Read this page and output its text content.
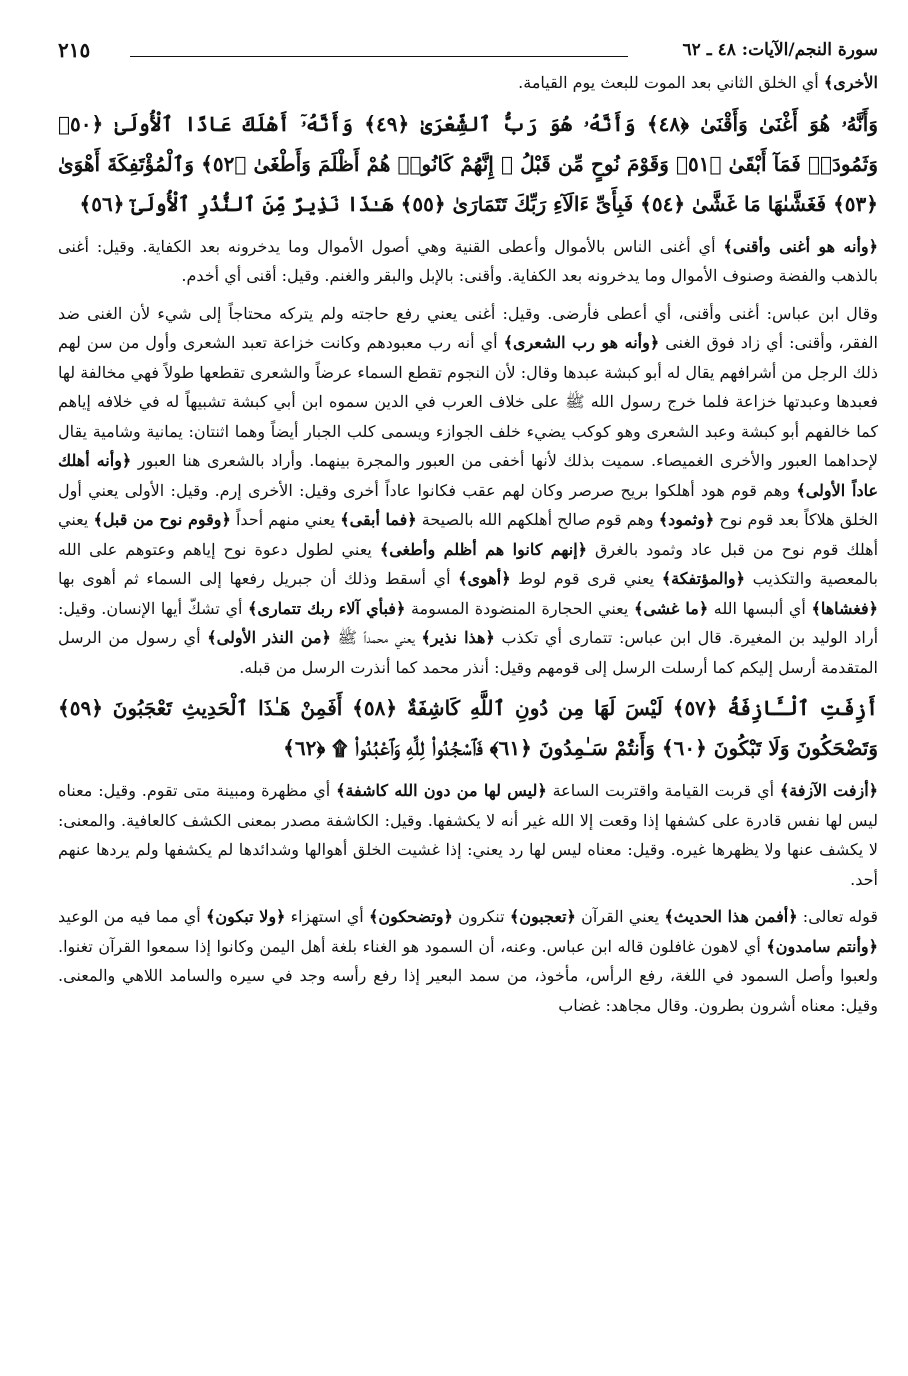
سورة النجم/الآيات: ٤٨ ـ ٦٢
٢١٥

الأخرى﴾ أي الخلق الثاني بعد الموت للبعث يوم القيامة.

وَأَنَّهُۥ هُوَ أَغْنَىٰ وَأَقْنَىٰ ﴿٤٨﴾ وَأَنَّهُۥ هُوَ رَبُّ ٱلشِّعْرَىٰ ﴿٤٩﴾ وَأَنَّهُۥٓ أَهْلَكَ عَادًا ٱلْأُولَىٰ ﴿٥٠﴾ وَثَمُودَا۟ فَمَآ أَبْقَىٰ ﴿٥١﴾ وَقَوْمَ نُوحٍ مِّن قَبْلُ ۖ إِنَّهُمْ كَانُوا۟ هُمْ أَظْلَمَ وَأَطْغَىٰ ﴿٥٢﴾ وَٱلْمُؤْتَفِكَةَ أَهْوَىٰ ﴿٥٣﴾ فَغَشَّىٰهَا مَا غَشَّىٰ ﴿٥٤﴾ فَبِأَىِّ ءَالَآءِ رَبِّكَ تَتَمَارَىٰ ﴿٥٥﴾ هَـٰذَا نَذِيرٌ مِّنَ ٱلنُّذُرِ ٱلْأُولَىٰٓ ﴿٥٦﴾

﴿وأنه هو أغنى وأقنى﴾ أي أغنى الناس بالأموال وأعطى القنية وهي أصول الأموال وما يدخرونه بعد الكفاية. وقيل: أغنى بالذهب والفضة وصنوف الأموال وما يدخرونه بعد الكفاية. وأقنى: بالإبل والبقر والغنم. وقيل: أقنى أي أخدم.

وقال ابن عباس: أغنى وأقنى، أي أعطى فأرضى. وقيل: أغنى يعني رفع حاجته ولم يتركه محتاجاً إلى شيء لأن الغنى ضد الفقر، وأقنى: أي زاد فوق الغنى ﴿وأنه هو رب الشعرى﴾ أي أنه رب معبودهم وكانت خزاعة تعبد الشعرى وأول من سن لهم ذلك الرجل من أشرافهم يقال له أبو كبشة عبدها وقال: لأن النجوم تقطع السماء عرضاً والشعرى تقطعها طولاً فهي مخالفة لها فعبدها وعبدتها خزاعة فلما خرج رسول الله ﷺ على خلاف العرب في الدين سموه ابن أبي كبشة تشبيهاً له في خلافه إياهم كما خالفهم أبو كبشة وعبد الشعرى وهو كوكب يضيء خلف الجوازء ويسمى كلب الجبار أيضاً وهما اثنتان: يمانية وشامية يقال لإحداهما العبور والأخرى الغميصاء. سميت بذلك لأنها أخفى من العبور والمجرة بينهما. وأراد بالشعرى هنا العبور ﴿وأنه أهلك عاداً الأولى﴾ وهم قوم هود أهلكوا بريح صرصر وكان لهم عقب فكانوا عاداً أخرى وقيل: الأخرى إرم. وقيل: الأولى يعني أول الخلق هلاكاً بعد قوم نوح ﴿وثمود﴾ وهم قوم صالح أهلكهم الله بالصيحة ﴿فما أبقى﴾ يعني منهم أحداً ﴿وقوم نوح من قبل﴾ يعني أهلك قوم نوح من قبل عاد وثمود بالغرق ﴿إنهم كانوا هم أظلم وأطغى﴾ يعني لطول دعوة نوح إياهم وعتوهم على الله بالمعصية والتكذيب ﴿والمؤتفكة﴾ يعني قرى قوم لوط ﴿أهوى﴾ أي أسقط وذلك أن جبريل رفعها إلى السماء ثم أهوى بها ﴿فغشاها﴾ أي ألبسها الله ﴿ما غشى﴾ يعني الحجارة المنضودة المسومة ﴿فبأي آلاء ربك تتمارى﴾ أي تشكّ أيها الإنسان. وقيل: أراد الوليد بن المغيرة. قال ابن عباس: تتمارى أي تكذب ﴿هذا نذير﴾ يعني محمداً ﷺ ﴿من النذر الأولى﴾ أي رسول من الرسل المتقدمة أرسل إليكم كما أرسلت الرسل إلى قومهم وقيل: أنذر محمد كما أنذرت الرسل من قبله.

أَزِفَتِ ٱلْـَٔازِفَةُ ﴿٥٧﴾ لَيْسَ لَهَا مِن دُونِ ٱللَّهِ كَاشِفَةٌ ﴿٥٨﴾ أَفَمِنْ هَـٰذَا ٱلْحَدِيثِ تَعْجَبُونَ ﴿٥٩﴾ وَتَضْحَكُونَ وَلَا تَبْكُونَ ﴿٦٠﴾ وَأَنتُمْ سَـٰمِدُونَ ﴿٦١﴾ فَٱسْجُدُوا۟ لِلَّهِ وَٱعْبُدُوا۟ ۩ ﴿٦٢﴾

﴿أزفت الآزفة﴾ أي قربت القيامة واقتربت الساعة ﴿ليس لها من دون الله كاشفة﴾ أي مظهرة ومبينة متى تقوم. وقيل: معناه ليس لها نفس قادرة على كشفها إذا وقعت إلا الله غير أنه لا يكشفها. وقيل: الكاشفة مصدر بمعنى الكشف كالعافية. والمعنى: لا يكشف عنها ولا يظهرها غيره. وقيل: معناه ليس لها رد يعني: إذا غشيت الخلق أهوالها وشدائدها لم يكشفها ولم يردها عنهم أحد.

قوله تعالى: ﴿أفمن هذا الحديث﴾ يعني القرآن ﴿تعجبون﴾ تنكرون ﴿وتضحكون﴾ أي استهزاء ﴿ولا تبكون﴾ أي مما فيه من الوعيد ﴿وأنتم سامدون﴾ أي لاهون غافلون قاله ابن عباس. وعنه، أن السمود هو الغناء بلغة أهل اليمن وكانوا إذا سمعوا القرآن تغنوا. ولعبوا وأصل السمود في اللغة، رفع الرأس، مأخوذ، من سمد البعير إذا رفع رأسه وجد في سيره والسامد اللاهي والمعنى. وقيل: معناه أشرون بطرون. وقال مجاهد: غضاب
